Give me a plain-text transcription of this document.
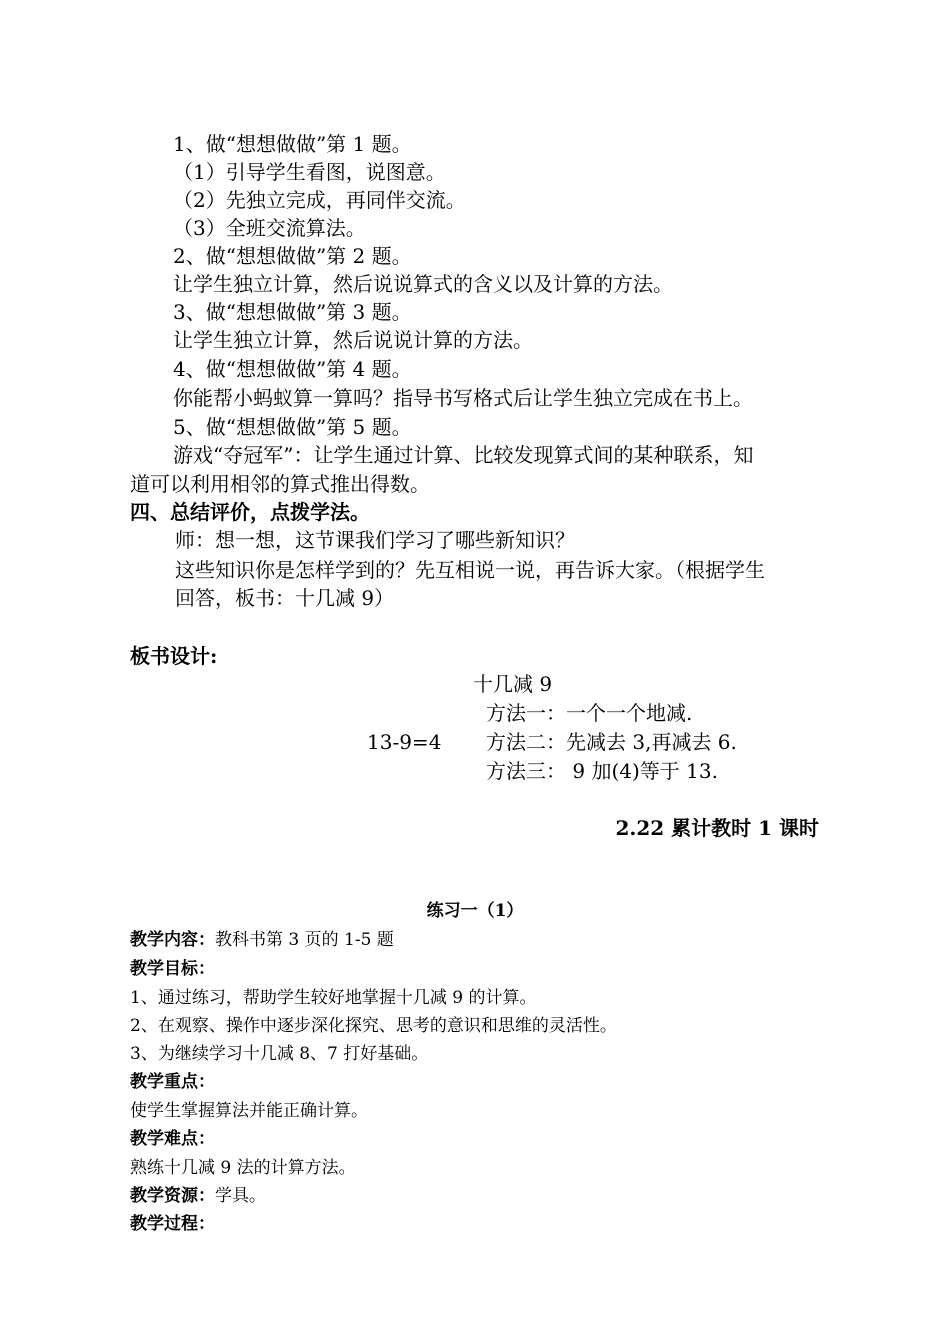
1、做“想想做做”第 1 题。
（1）引导学生看图，说图意。
（2）先独立完成，再同伴交流。
（3）全班交流算法。
2、做“想想做做”第 2 题。
让学生独立计算，然后说说算式的含义以及计算的方法。
3、做“想想做做”第 3 题。
让学生独立计算，然后说说计算的方法。
4、做“想想做做”第 4 题。
你能帮小蚂蚁算一算吗？指导书写格式后让学生独立完成在书上。
5、做“想想做做”第 5 题。
游戏“夺冠军”：让学生通过计算、比较发现算式间的某种联系，知
道可以利用相邻的算式推出得数。
四、总结评价，点拨学法。
师：想一想，这节课我们学习了哪些新知识？
这些知识你是怎样学到的？先互相说一说，再告诉大家。（根据学生
回答，板书：十几减 9）
板书设计:
十几减 9
方法一：一个一个地减.
13-9=4 方法二：先减去 3,再减去 6.
方法三： 9 加(4)等于 13.
2.22 累计教时 1 课时
练习一（1）
教学内容：教科书第 3 页的 1-5 题
教学目标：
1、通过练习，帮助学生较好地掌握十几减 9 的计算。
2、在观察、操作中逐步深化探究、思考的意识和思维的灵活性。
3、为继续学习十几减 8、7 打好基础。
教学重点：
使学生掌握算法并能正确计算。
教学难点：
熟练十几减 9 法的计算方法。
教学资源：学具。
教学过程：
